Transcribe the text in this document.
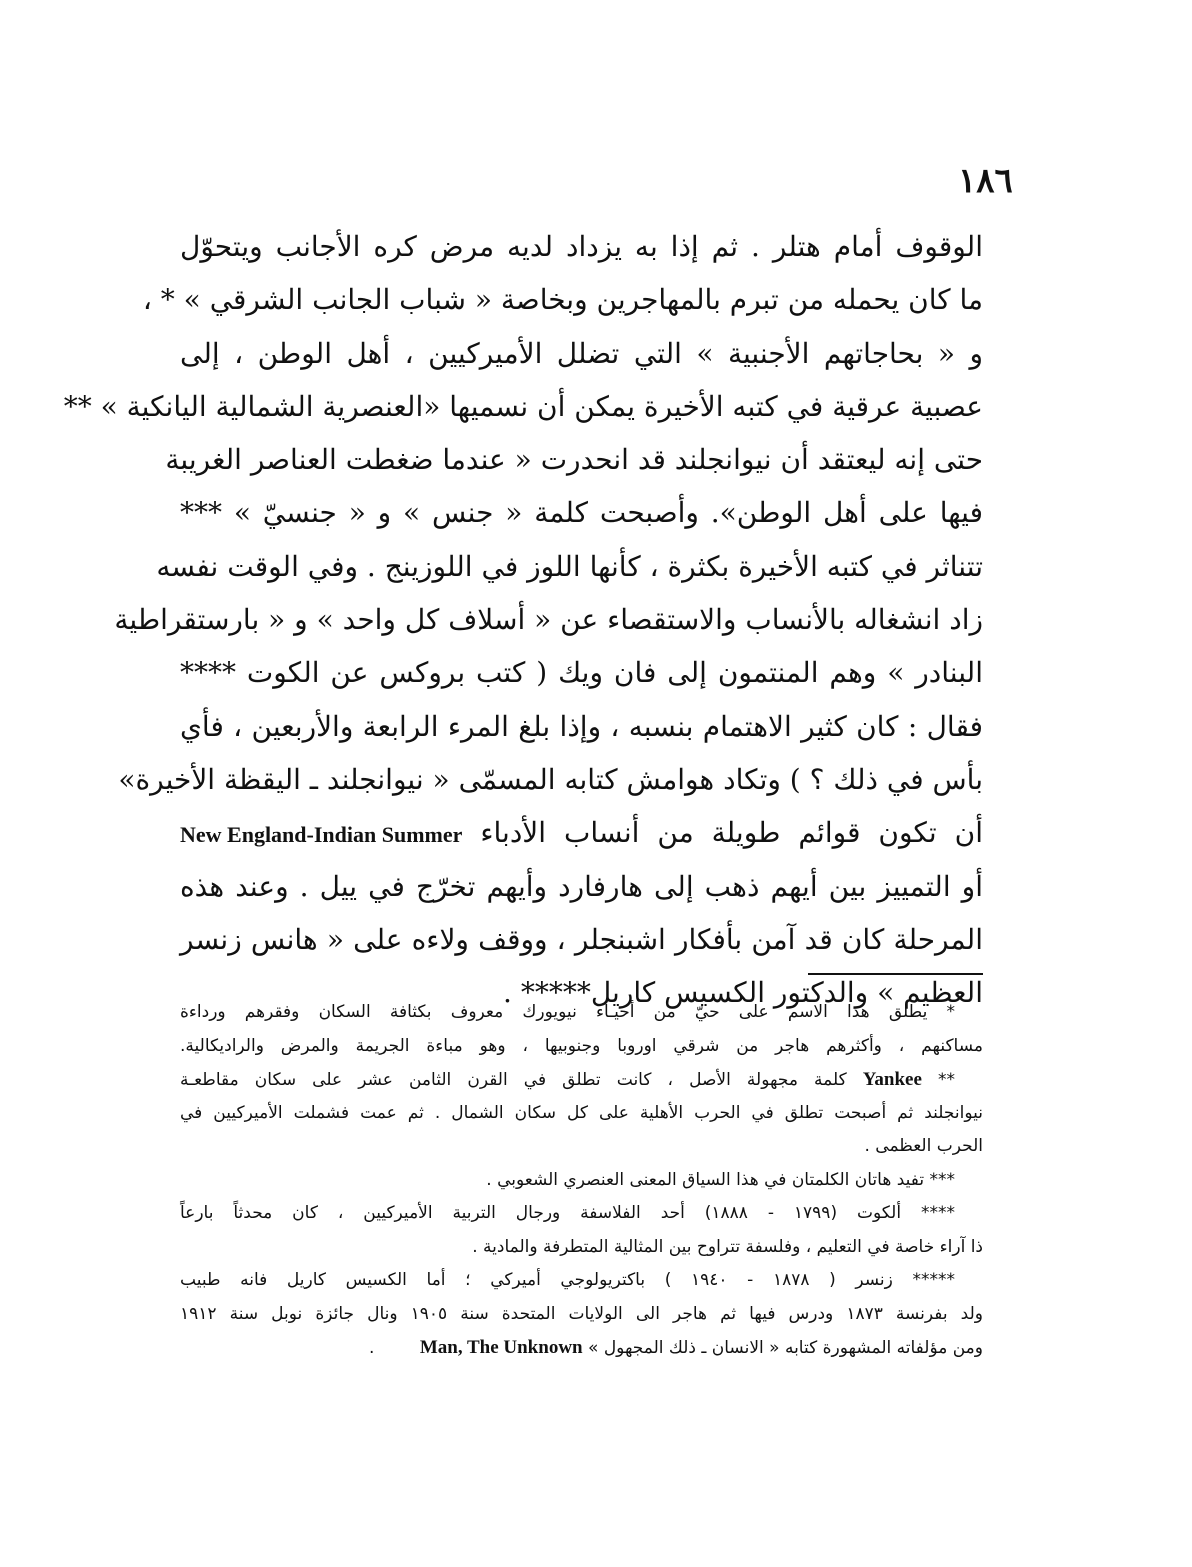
١٨٦
الوقوف أمام هتلر . ثم إذا به يزداد لديه مرض كره الأجانب ويتحوّل
ما كان يحمله من تبرم بالمهاجرين وبخاصة « شباب الجانب الشرقي » * ،
و « بحاجاتهم الأجنبية » التي تضلل الأميركيين ، أهل الوطن ، إلى
عصبية عرقية في كتبه الأخيرة يمكن أن نسميها «العنصرية الشمالية اليانكية » **
حتى إنه ليعتقد أن نيوانجلند قد انحدرت « عندما ضغطت العناصر الغريبة
فيها على أهل الوطن». وأصبحت كلمة « جنس » و « جنسيّ » ***
تتناثر في كتبه الأخيرة بكثرة ، كأنها اللوز في اللوزينج . وفي الوقت نفسه
زاد انشغاله بالأنساب والاستقصاء عن « أسلاف كل واحد » و « بارستقراطية
البنادر » وهم المنتمون إلى فان ويك ( كتب بروكس عن الكوت ****
فقال : كان كثير الاهتمام بنسبه ، وإذا بلغ المرء الرابعة والأربعين ، فأي
بأس في ذلك ؟ ) وتكاد هوامش كتابه المسمّى « نيوانجلند ـ اليقظة الأخيرة»
أن تكون قوائم طويلة من أنساب الأدباء New England-Indian Summer
أو التمييز بين أيهم ذهب إلى هارفارد وأيهم تخرّج في ييل . وعند هذه
المرحلة كان قد آمن بأفكار اشبنجلر ، ووقف ولاءه على « هانس زنسر
العظيم » والدكتور الكسيس كاريل***** .
* يطلق هذا الاسم على حيّ من أحيـاء نيويورك معروف بكثافة السكان وفقرهم ورداءة
مساكنهم ، وأكثرهم هاجر من شرقي اوروبا وجنوبيها ، وهو مباءة الجريمة والمرض والراديكالية.
** Yankee كلمة مجهولة الأصل ، كانت تطلق في القرن الثامن عشر على سكان مقاطعـة
نيوانجلند ثم أصبحت تطلق في الحرب الأهلية على كل سكان الشمال . ثم عمت فشملت الأميركيين في
الحرب العظمى .
*** تفيد هاتان الكلمتان في هذا السياق المعنى العنصري الشعوبي .
**** ألكوت (١٧٩٩ - ١٨٨٨) أحد الفلاسفة ورجال التربية الأميركيين ، كان محدثاً بارعاً
ذا آراء خاصة في التعليم ، وفلسفة تتراوح بين المثالية المتطرفة والمادية .
***** زنسر ( ١٨٧٨ - ١٩٤٠ ) باكتريولوجي أميركي ؛ أما الكسيس كاريل فانه طبيب
ولد بفرنسة ١٨٧٣ ودرس فيها ثم هاجر الى الولايات المتحدة سنة ١٩٠٥ ونال جائزة نوبل سنة ١٩١٢
ومن مؤلفاته المشهورة كتابه « الانسان ـ ذلك المجهول » Man, The Unknown .
